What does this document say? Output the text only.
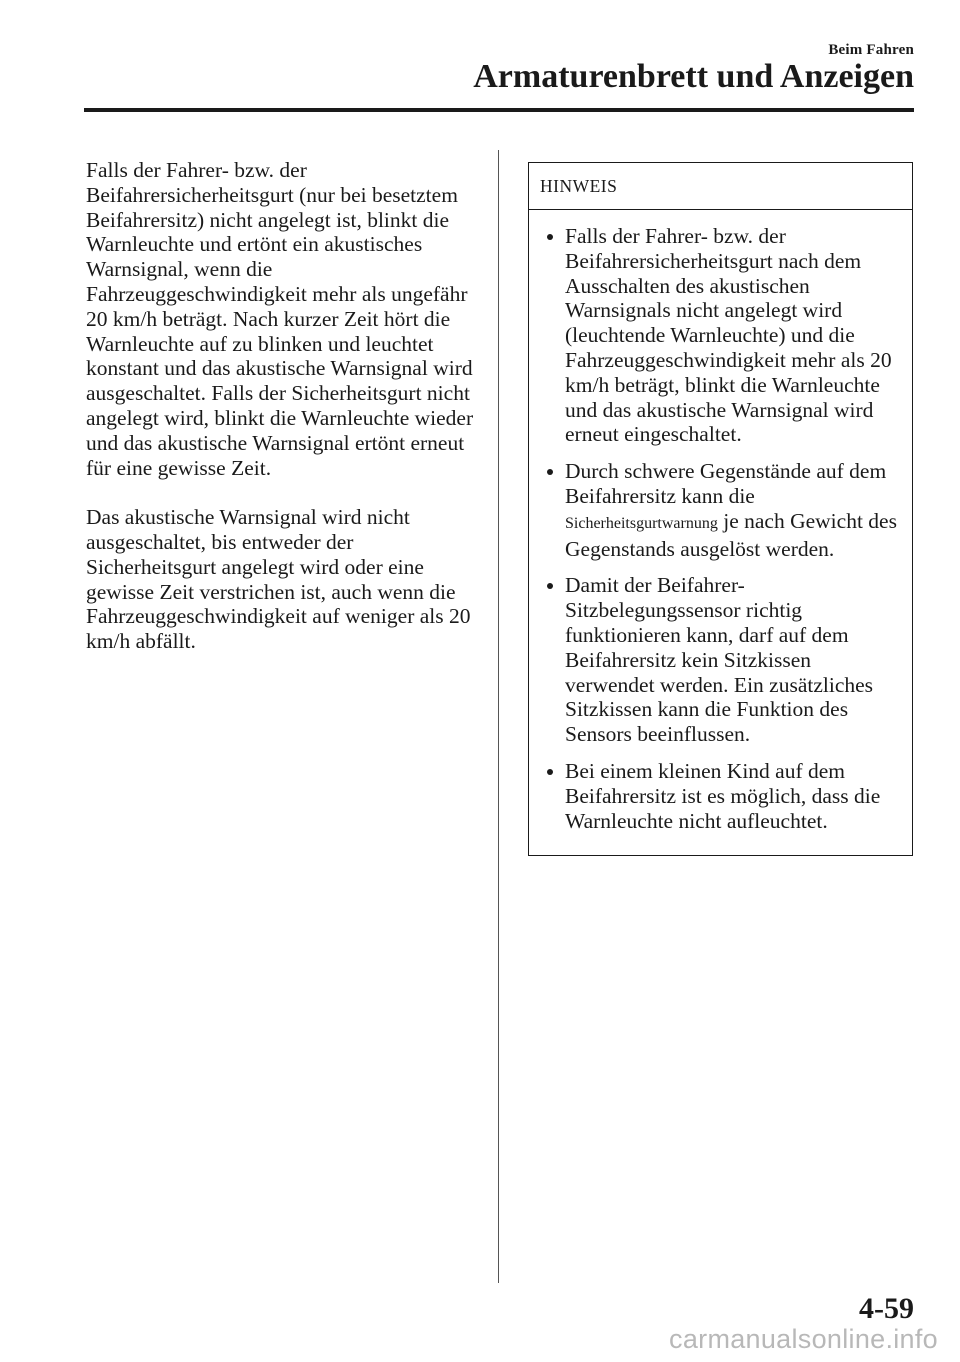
Beim Fahren
Armaturenbrett und Anzeigen

Falls der Fahrer- bzw. der Beifahrersicherheitsgurt (nur bei besetztem Beifahrersitz) nicht angelegt ist, blinkt die Warnleuchte und ertönt ein akustisches Warnsignal, wenn die Fahrzeuggeschwindigkeit mehr als ungefähr 20 km/h beträgt. Nach kurzer Zeit hört die Warnleuchte auf zu blinken und leuchtet konstant und das akustische Warnsignal wird ausgeschaltet. Falls der Sicherheitsgurt nicht angelegt wird, blinkt die Warnleuchte wieder und das akustische Warnsignal ertönt erneut für eine gewisse Zeit.

Das akustische Warnsignal wird nicht ausgeschaltet, bis entweder der Sicherheitsgurt angelegt wird oder eine gewisse Zeit verstrichen ist, auch wenn die Fahrzeuggeschwindigkeit auf weniger als 20 km/h abfällt.

HINWEIS
Falls der Fahrer- bzw. der Beifahrersicherheitsgurt nach dem Ausschalten des akustischen Warnsignals nicht angelegt wird (leuchtende Warnleuchte) und die Fahrzeuggeschwindigkeit mehr als 20 km/h beträgt, blinkt die Warnleuchte und das akustische Warnsignal wird erneut eingeschaltet.
Durch schwere Gegenstände auf dem Beifahrersitz kann die Sicherheitsgurtwarnung je nach Gewicht des Gegenstands ausgelöst werden.
Damit der Beifahrer-Sitzbelegungssensor richtig funktionieren kann, darf auf dem Beifahrersitz kein Sitzkissen verwendet werden. Ein zusätzliches Sitzkissen kann die Funktion des Sensors beeinflussen.
Bei einem kleinen Kind auf dem Beifahrersitz ist es möglich, dass die Warnleuchte nicht aufleuchtet.
4-59
carmanualsonline.info
